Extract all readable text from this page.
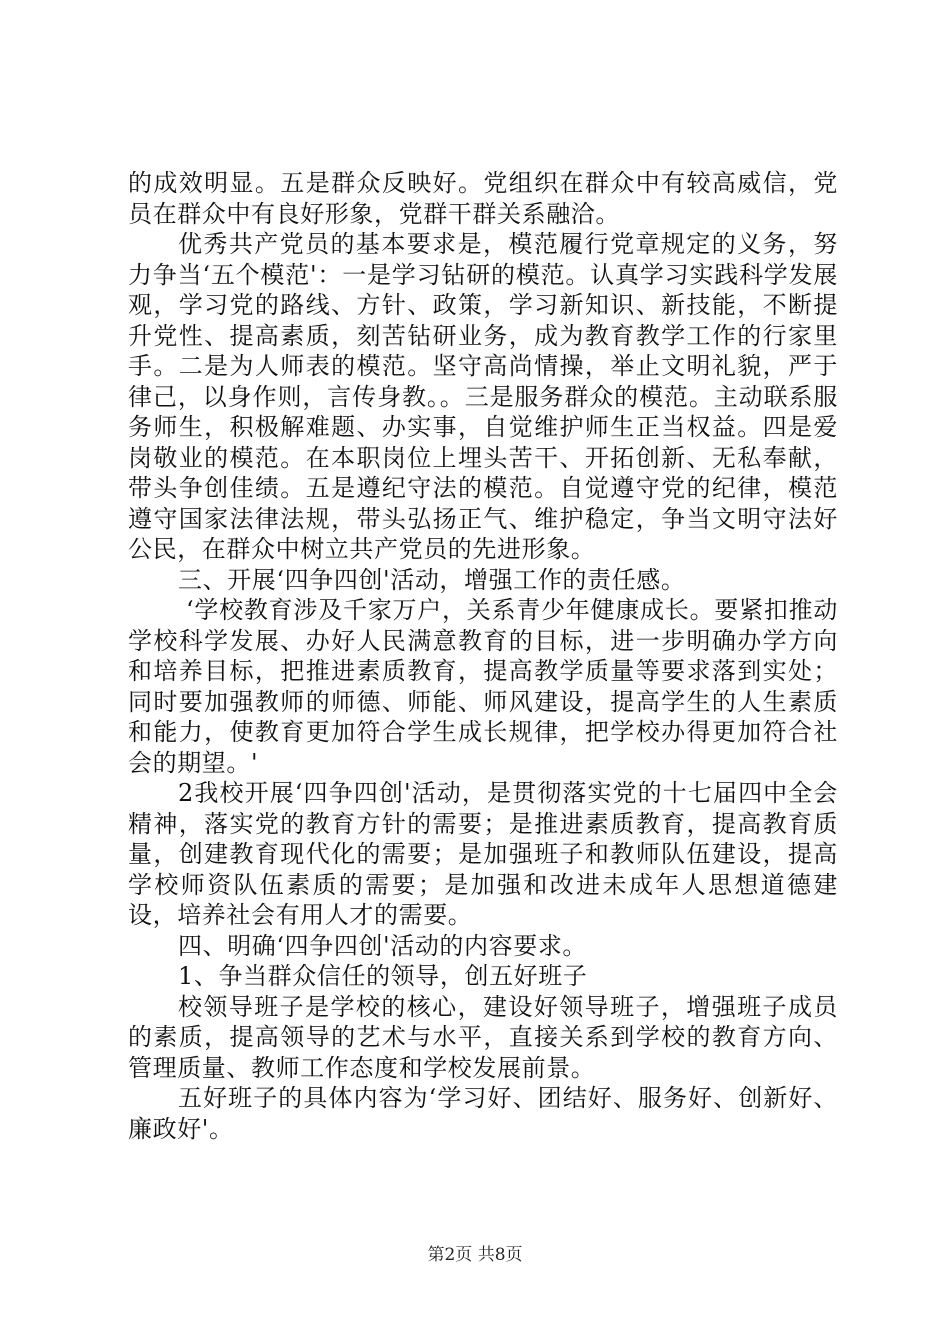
的成效明显。五是群众反映好。党组织在群众中有较高威信，党员在群众中有良好形象，党群干群关系融洽。

优秀共产党员的基本要求是，模范履行党章规定的义务，努力争当‘五个模范'：一是学习钻研的模范。认真学习实践科学发展观，学习党的路线、方针、政策，学习新知识、新技能，不断提升党性、提高素质，刻苦钻研业务，成为教育教学工作的行家里手。二是为人师表的模范。坚守高尚情操，举止文明礼貌，严于律己，以身作则，言传身教。。三是服务群众的模范。主动联系服务师生，积极解难题、办实事，自觉维护师生正当权益。四是爱岗敬业的模范。在本职岗位上埋头苦干、开拓创新、无私奉献，带头争创佳绩。五是遵纪守法的模范。自觉遵守党的纪律，模范遵守国家法律法规，带头弘扬正气、维护稳定，争当文明守法好公民，在群众中树立共产党员的先进形象。

三、开展‘四争四创'活动，增强工作的责任感。

‘学校教育涉及千家万户，关系青少年健康成长。要紧扣推动学校科学发展、办好人民满意教育的目标，进一步明确办学方向和培养目标，把推进素质教育，提高教学质量等要求落到实处；同时要加强教师的师德、师能、师风建设，提高学生的人生素质和能力，使教育更加符合学生成长规律，把学校办得更加符合社会的期望。'

2我校开展‘四争四创'活动，是贯彻落实党的十七届四中全会精神，落实党的教育方针的需要；是推进素质教育，提高教育质量，创建教育现代化的需要；是加强班子和教师队伍建设，提高学校师资队伍素质的需要；是加强和改进未成年人思想道德建设，培养社会有用人才的需要。

四、明确‘四争四创'活动的内容要求。

1、争当群众信任的领导，创五好班子

校领导班子是学校的核心，建设好领导班子，增强班子成员的素质，提高领导的艺术与水平，直接关系到学校的教育方向、管理质量、教师工作态度和学校发展前景。

五好班子的具体内容为‘学习好、团结好、服务好、创新好、廉政好'。

第2页 共8页
